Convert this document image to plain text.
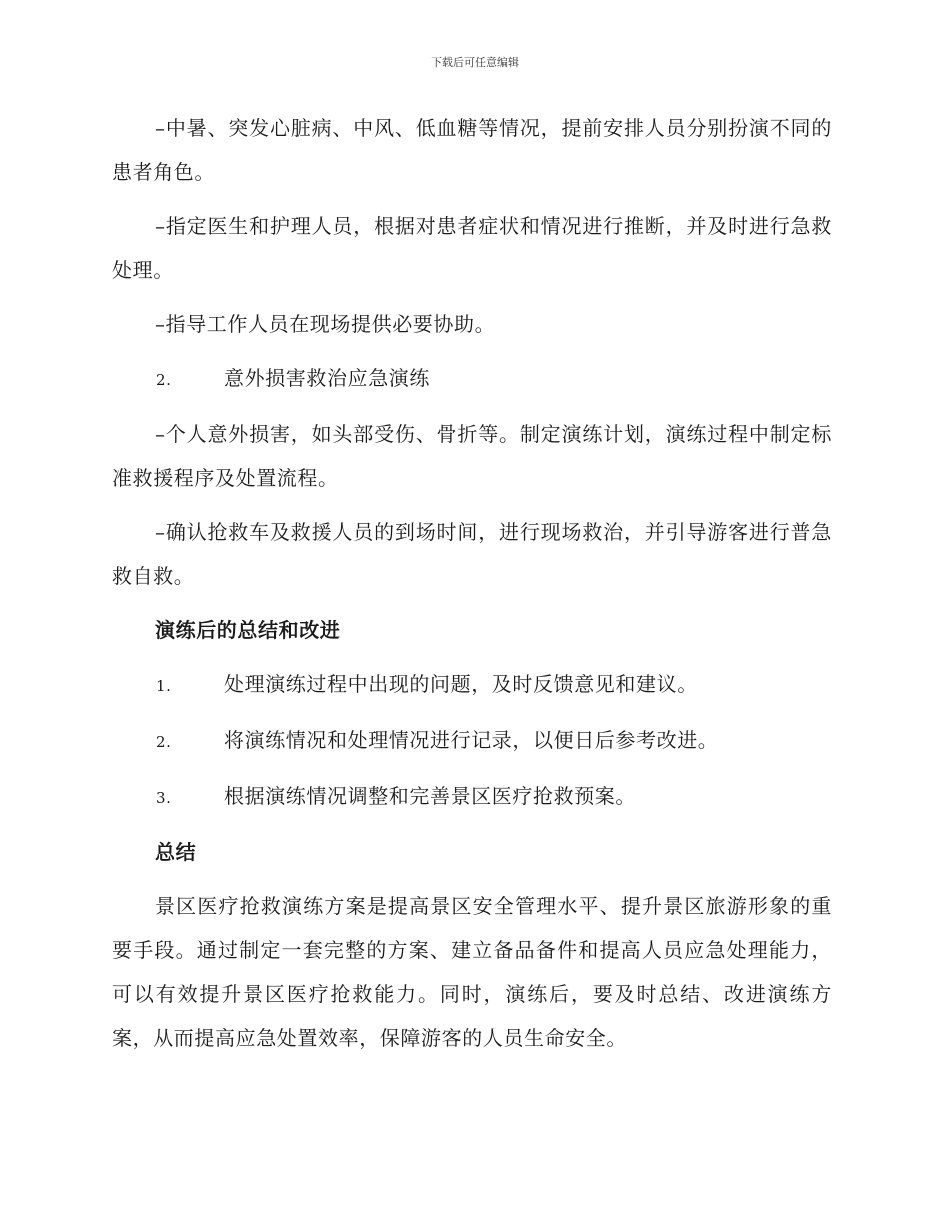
下载后可任意编辑

–中暑、突发心脏病、中风、低血糖等情况，提前安排人员分别扮演不同的患者角色。

–指定医生和护理人员，根据对患者症状和情况进行推断，并及时进行急救处理。

–指导工作人员在现场提供必要协助。

2.	意外损害救治应急演练

–个人意外损害，如头部受伤、骨折等。制定演练计划，演练过程中制定标准救援程序及处置流程。

–确认抢救车及救援人员的到场时间，进行现场救治，并引导游客进行普急救自救。

演练后的总结和改进
1.	处理演练过程中出现的问题，及时反馈意见和建议。
2.	将演练情况和处理情况进行记录，以便日后参考改进。
3.	根据演练情况调整和完善景区医疗抢救预案。
总结

景区医疗抢救演练方案是提高景区安全管理水平、提升景区旅游形象的重要手段。通过制定一套完整的方案、建立备品备件和提高人员应急处理能力，可以有效提升景区医疗抢救能力。同时，演练后，要及时总结、改进演练方案，从而提高应急处置效率，保障游客的人员生命安全。
